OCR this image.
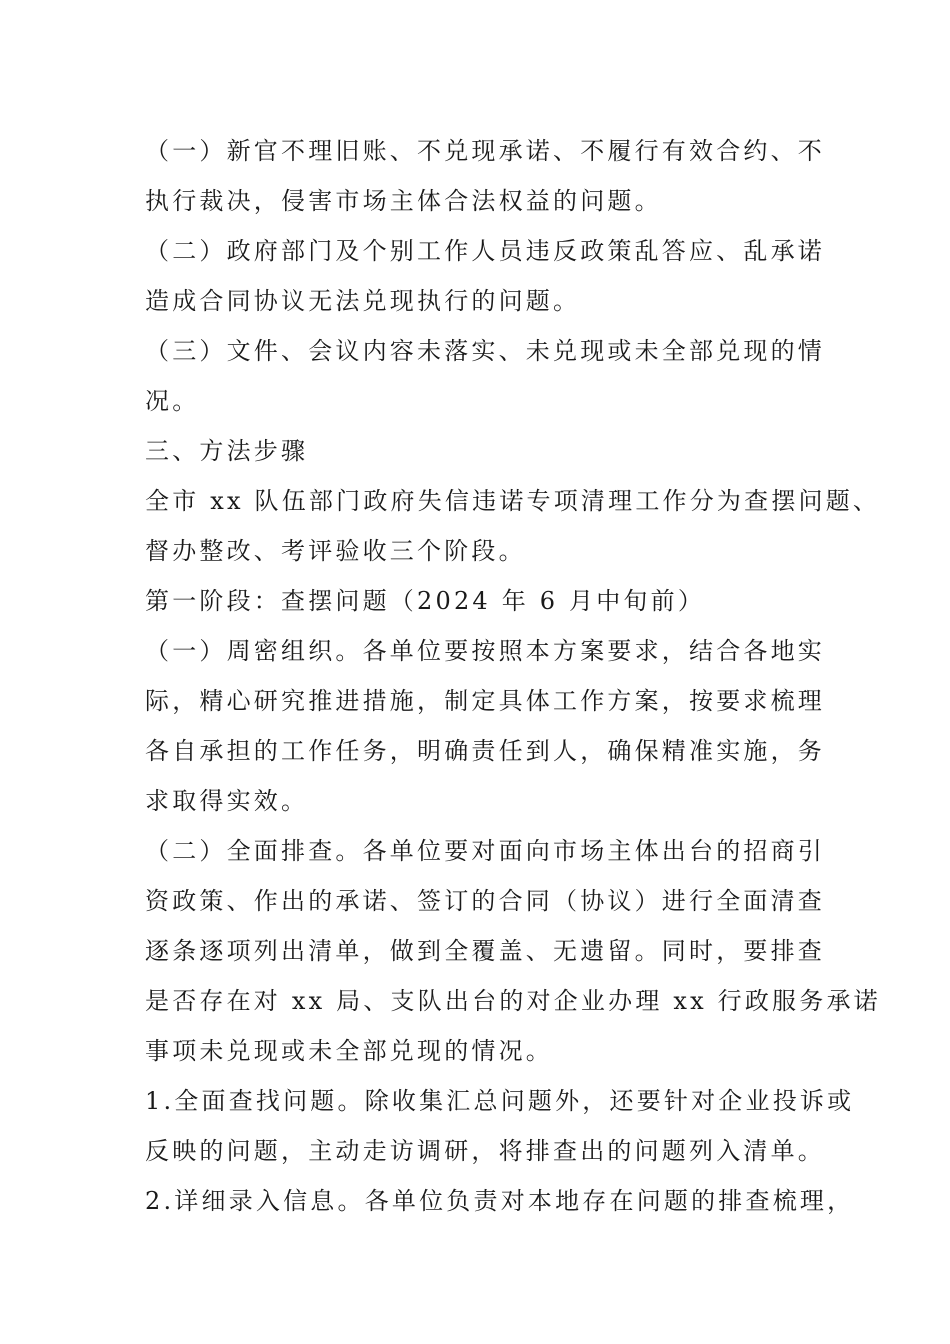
（一）新官不理旧账、不兑现承诺、不履行有效合约、不
执行裁决，侵害市场主体合法权益的问题。
（二）政府部门及个别工作人员违反政策乱答应、乱承诺
造成合同协议无法兑现执行的问题。
（三）文件、会议内容未落实、未兑现或未全部兑现的情
况。
三、方法步骤
全市 xx 队伍部门政府失信违诺专项清理工作分为查摆问题、
督办整改、考评验收三个阶段。
第一阶段：查摆问题（2024 年 6 月中旬前）
（一）周密组织。各单位要按照本方案要求，结合各地实
际，精心研究推进措施，制定具体工作方案，按要求梳理
各自承担的工作任务，明确责任到人，确保精准实施，务
求取得实效。
（二）全面排查。各单位要对面向市场主体出台的招商引
资政策、作出的承诺、签订的合同（协议）进行全面清查
逐条逐项列出清单，做到全覆盖、无遗留。同时，要排查
是否存在对 xx 局、支队出台的对企业办理 xx 行政服务承诺
事项未兑现或未全部兑现的情况。
1.全面查找问题。除收集汇总问题外，还要针对企业投诉或
反映的问题，主动走访调研，将排查出的问题列入清单。
2.详细录入信息。各单位负责对本地存在问题的排查梳理，
